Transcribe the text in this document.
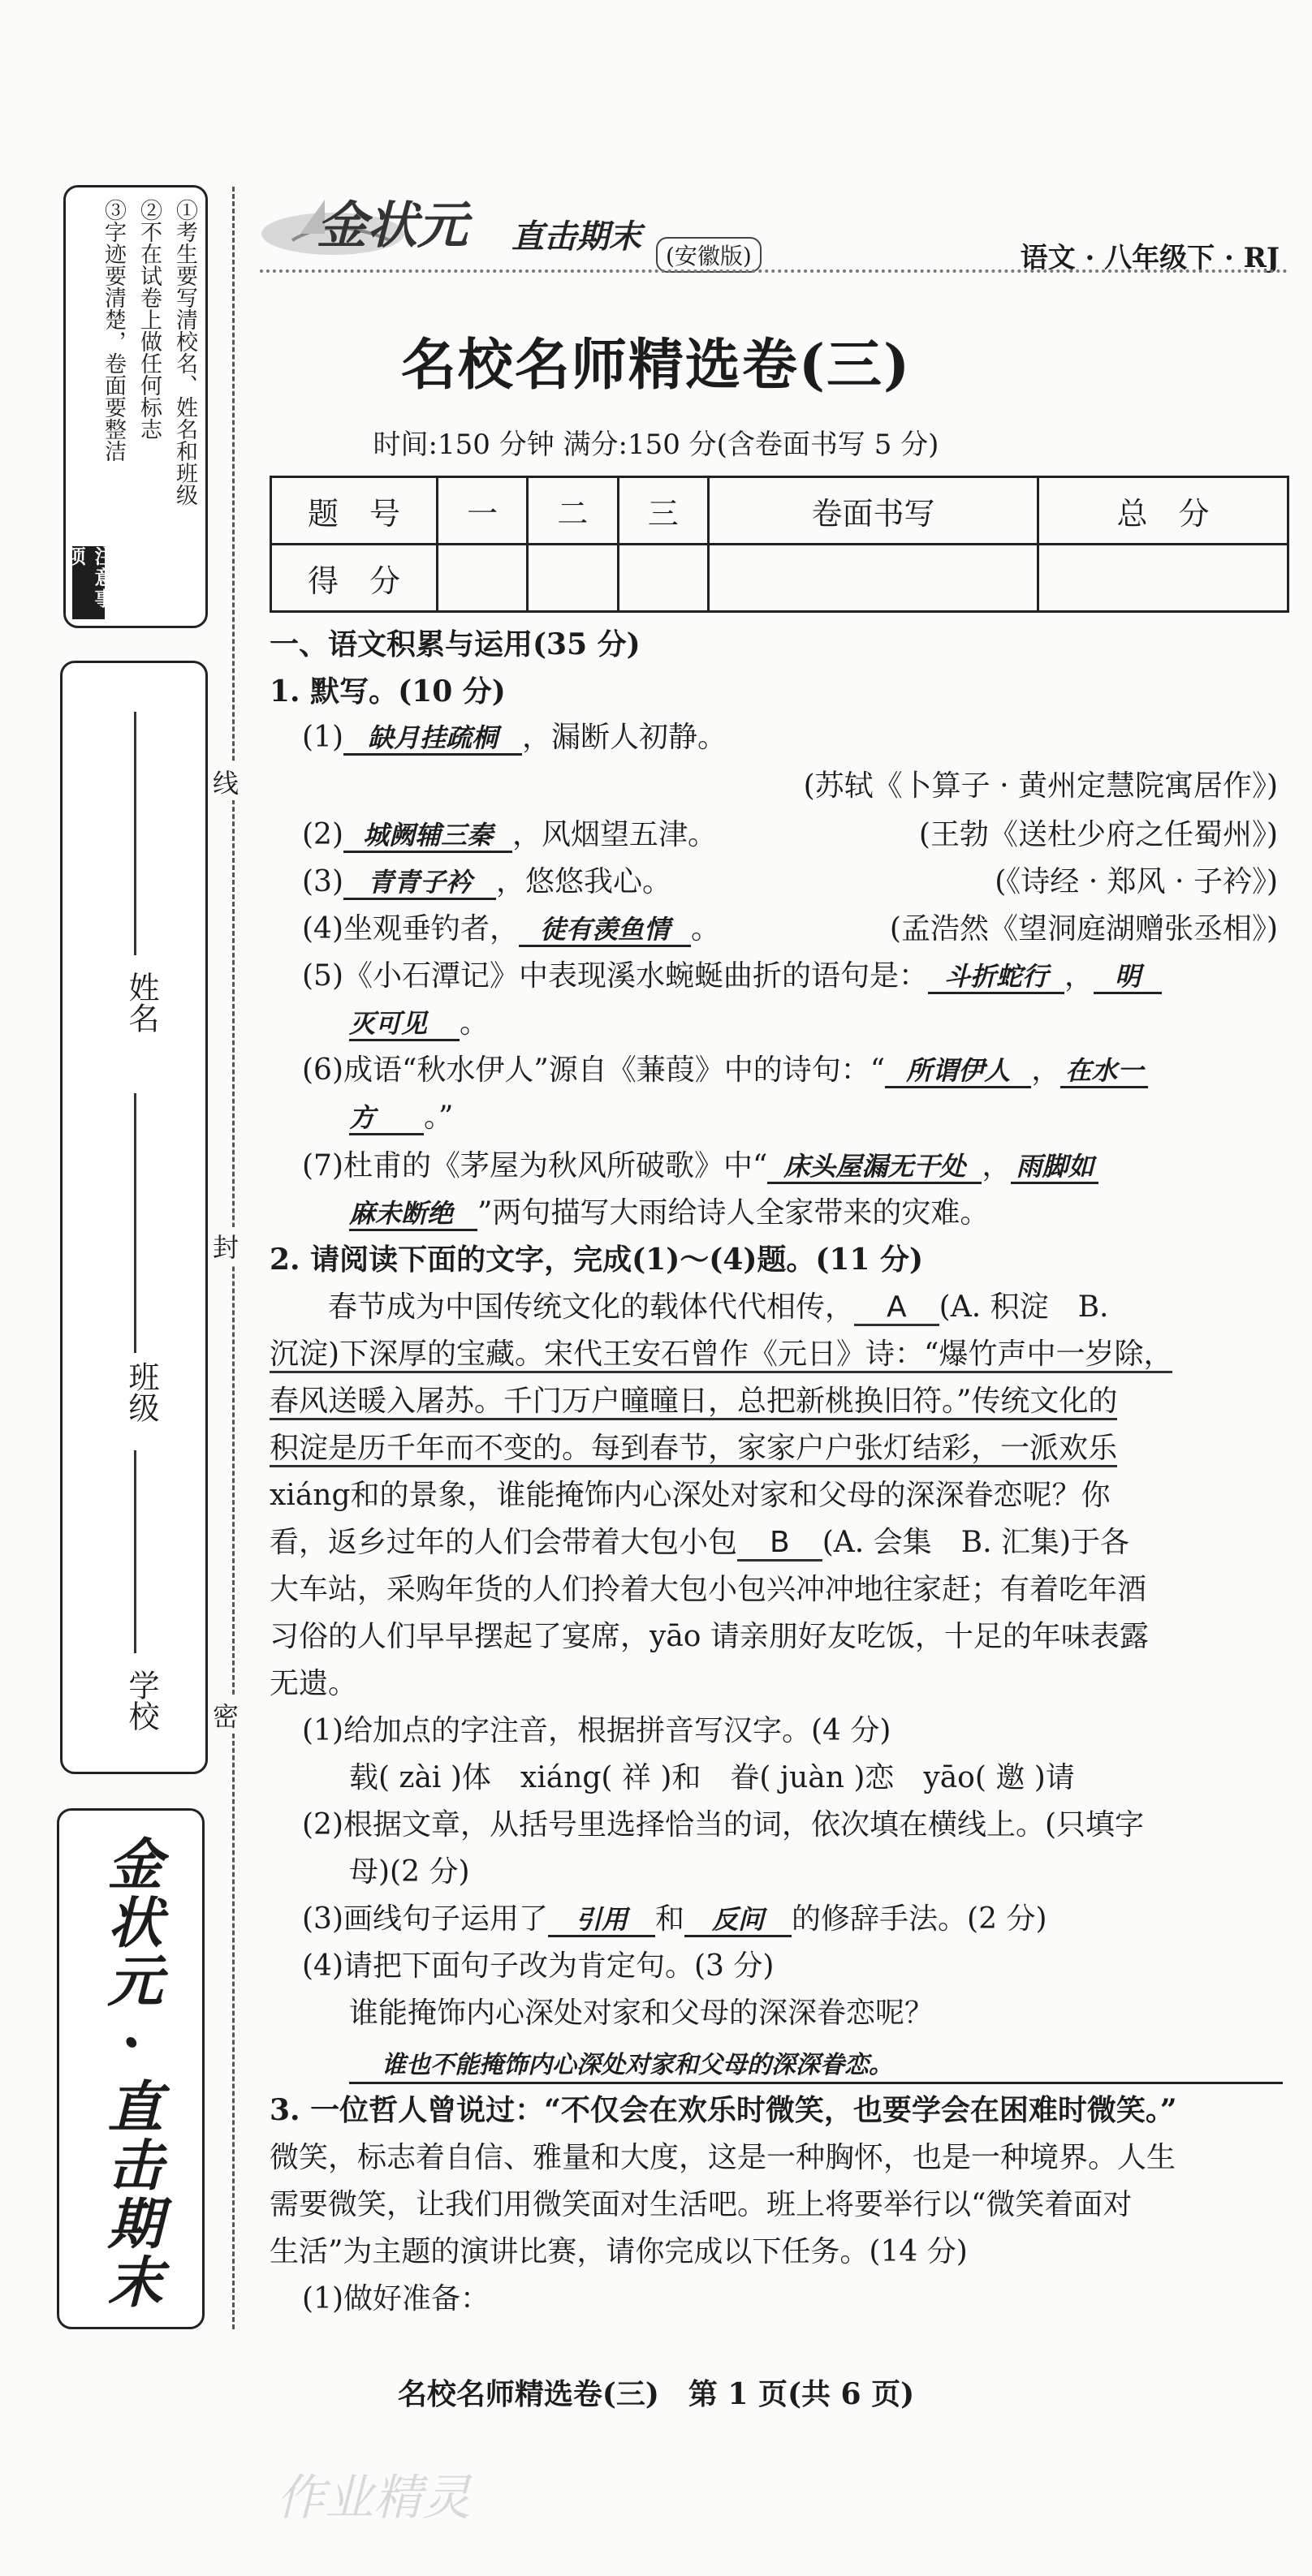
①考生要写清校名、姓名和班级
②不在试卷上做任何标志
③字迹要清楚，卷面要整洁
注意事项
姓名
班级
学校
金状元 · 直击期末
线
封
密
金状元 直击期末
(安徽版)	语文 · 八年级下 · RJ
名校名师精选卷(三)
时间:150 分钟 满分:150 分(含卷面书写 5 分)
题　号	一	二	三	卷面书写	总　分
得　分					
一、语文积累与运用(35 分)
1. 默写。(10 分)
(1) 缺月挂疏桐 ，漏断人初静。
(苏轼《卜算子 · 黄州定慧院寓居作》)
(2) 城阙辅三秦 ，风烟望五津。	(王勃《送杜少府之任蜀州》)
(3) 青青子衿 ，悠悠我心。	(《诗经 · 郑风 · 子衿》)
(4)坐观垂钓者， 徒有羡鱼情 。	(孟浩然《望洞庭湖赠张丞相》)
(5)《小石潭记》中表现溪水蜿蜒曲折的语句是： 斗折蛇行 ， 明
灭可见 。
(6)成语“秋水伊人”源自《蒹葭》中的诗句：“ 所谓伊人 ， 在水一
方 。”
(7)杜甫的《茅屋为秋风所破歌》中“ 床头屋漏无干处 ， 雨脚如
麻未断绝 ”两句描写大雨给诗人全家带来的灾难。
2. 请阅读下面的文字，完成(1)～(4)题。(11 分)
　　春节成为中国传统文化的载体代代相传， A (A. 积淀　B.
沉淀)下深厚的宝藏。宋代王安石曾作《元日》诗：“爆竹声中一岁除，
春风送暖入屠苏。千门万户曈曈日，总把新桃换旧符。”传统文化的
积淀是历千年而不变的。每到春节，家家户户张灯结彩，一派欢乐
xiáng和的景象，谁能掩饰内心深处对家和父母的深深眷恋呢？你
看，返乡过年的人们会带着大包小包 B (A. 会集　B. 汇集)于各
大车站，采购年货的人们拎着大包小包兴冲冲地往家赶；有着吃年酒
习俗的人们早早摆起了宴席，yāo 请亲朋好友吃饭，十足的年味表露
无遗。
(1)给加点的字注音，根据拼音写汉字。(4 分)
载( zài )体　xiáng( 祥 )和　眷( juàn )恋　yāo( 邀 )请
(2)根据文章，从括号里选择恰当的词，依次填在横线上。(只填字
母)(2 分)
(3)画线句子运用了 引用 和 反问 的修辞手法。(2 分)
(4)请把下面句子改为肯定句。(3 分)
谁能掩饰内心深处对家和父母的深深眷恋呢？
谁也不能掩饰内心深处对家和父母的深深眷恋。
3. 一位哲人曾说过：“不仅会在欢乐时微笑，也要学会在困难时微笑。”
微笑，标志着自信、雅量和大度，这是一种胸怀，也是一种境界。人生
需要微笑，让我们用微笑面对生活吧。班上将要举行以“微笑着面对
生活”为主题的演讲比赛，请你完成以下任务。(14 分)
(1)做好准备：
名校名师精选卷(三)　第 1 页(共 6 页)
作业精灵
